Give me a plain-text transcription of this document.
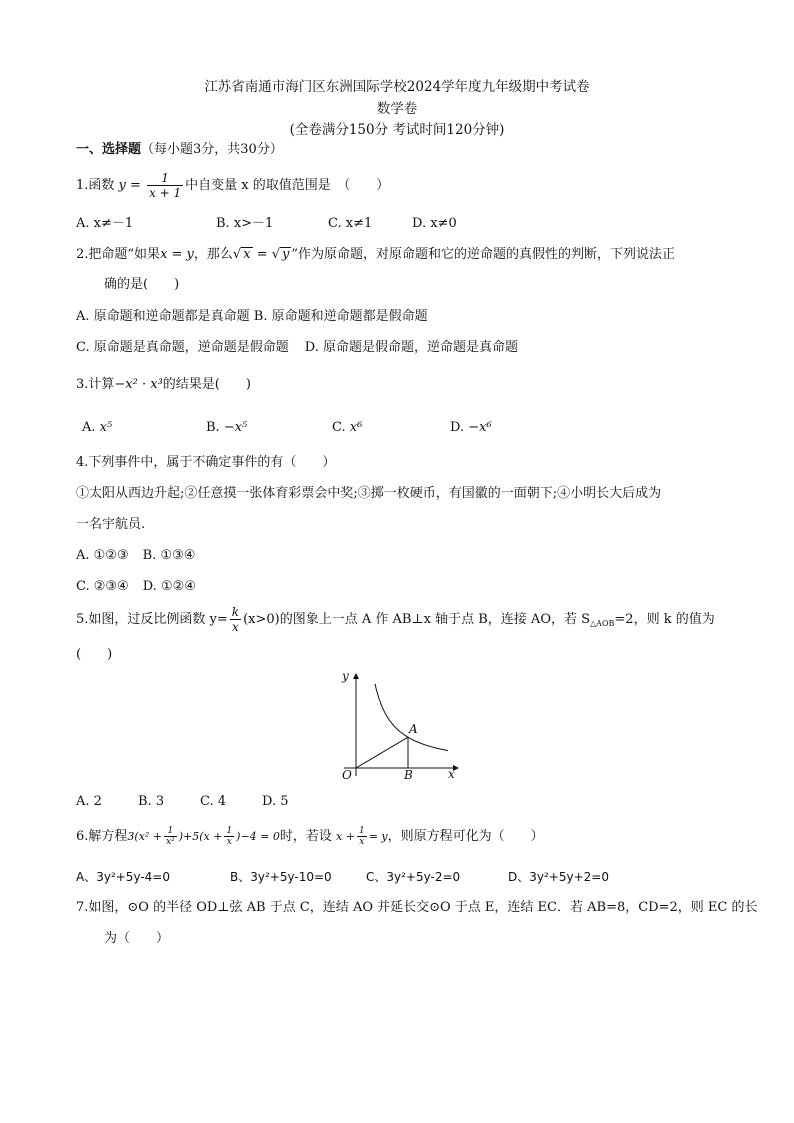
江苏省南通市海门区东洲国际学校2024学年度九年级期中考试卷
数学卷
(全卷满分150分 考试时间120分钟)
一、选择题（每小题3分，共30分）
1.函数 $y = \frac{1}{x + 1}$ 中自变量 x 的取值范围是　（　　）
A. x≠－1	B. x>－1	C. x≠1	D. x≠0
2.把命题“如果x = y，那么√ x = √ y ”作为原命题，对原命题和它的逆命题的真假性的判断，下列说法正
确的是(　　)
A. 原命题和逆命题都是真命题 B. 原命题和逆命题都是假命题
C. 原命题是真命题，逆命题是假命题 D. 原命题是假命题，逆命题是真命题
3.计算−x² · x³的结果是(　　)
A. x⁵	B. −x⁵	C. x⁶	D. −x⁶
4.下列事件中，属于不确定事件的有（　　）
①太阳从西边升起;②任意摸一张体育彩票会中奖;③掷一枚硬币，有国徽的一面朝下;④小明长大后成为
一名宇航员.
A. ①②③ B. ①③④
C. ②③④ D. ①②④
5.如图，过反比例函数 $y= \frac{k}{x} (x>0)$的图象上一点 A 作 AB⊥x 轴于点 B，连接 AO，若 $S_{\triangle AOB}=2$，则 k 的值为
(　　)
y
x
O
A
B
A. 2	B. 3	C. 4	D. 5
6.解方程$3(x^2 + \frac{1}{\text{x²}} )+5(x + \frac{1}{x} )-4 = 0$时，若设 $x + \frac{1}{x} = y$，则原方程可化为（　　）
A、3y²+5y-4=0	B、3y²+5y-10=0	C、3y²+5y-2=0	D、3y²+5y+2=0
7.如图，⊙O 的半径 OD⊥弦 AB 于点 C，连结 AO 并延长交⊙O 于点 E，连结 EC．若 AB=8，CD=2，则 EC 的长
为（　　）
